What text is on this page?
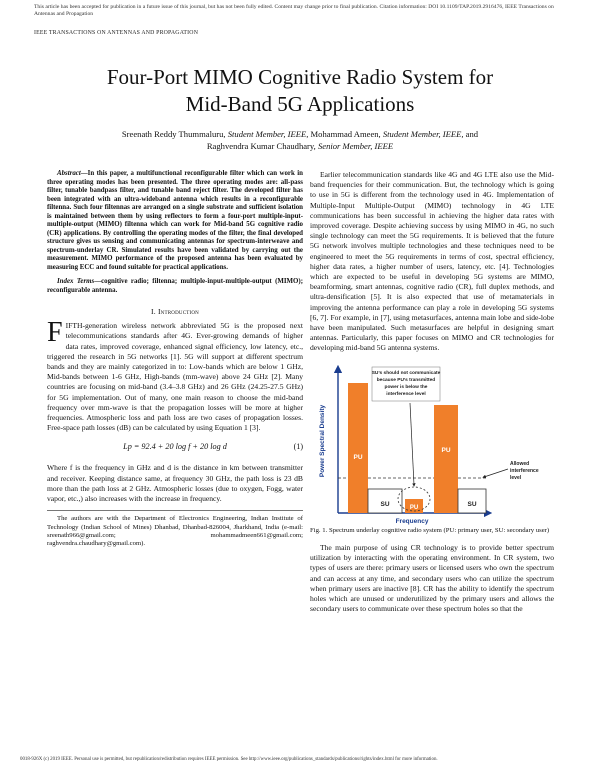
This article has been accepted for publication in a future issue of this journal, but has not been fully edited. Content may change prior to final publication. Citation information: DOI 10.1109/TAP.2019.2916476, IEEE Transactions on Antennas and Propagation
IEEE TRANSACTIONS ON ANTENNAS AND PROPAGATION
Four-Port MIMO Cognitive Radio System for
Mid-Band 5G Applications
Sreenath Reddy Thummaluru, Student Member, IEEE, Mohammad Ameen, Student Member, IEEE, and
Raghvendra Kumar Chaudhary, Senior Member, IEEE

Abstract—In this paper, a multifunctional reconfigurable filter which can work in three operating modes has been presented. The three operating modes are: all-pass filter, tunable bandpass filter, and tunable band reject filter. The developed filter has been integrated with an ultra-wideband antenna which results in a reconfigurable filtenna. Such four filtennas are arranged on a single substrate and sufficient isolation is maintained between them by using reflectors to form a four-port multiple-input-multiple-output (MIMO) filtenna which can work for Mid-band 5G cognitive radio (CR) applications. By controlling the operating modes of the filter, the final developed structure gives us sensing and communicating antennas for spectrum-interweave and spectrum-underlay CR. Simulated results have been validated by carrying out the measurement. MIMO performance of the proposed antenna has been evaluated by measuring ECC and found suitable for practical applications.

Index Terms—cognitive radio; filtenna; multiple-input-multiple-output (MIMO); reconfigurable antenna.

I. Introduction

FIFTH-generation wireless network abbreviated 5G is the proposed next telecommunications standards after 4G. Ever-growing demands of higher data rates, improved coverage, enhanced signal efficiency, low latency, etc., triggered the research in 5G networks [1]. 5G will support at different spectrum bands and they are mainly categorized in to: Low-bands which are below 1 GHz, Mid-bands between 1-6 GHz, High-bands (mm-wave) above 24 GHz [2]. Many countries are focusing on mid-band (3.4–3.8 GHz) and 26 GHz (24.25-27.5 GHz) for 5G implementation. Out of many, one main reason to choose the mid-band frequency over mm-wave is that the propagation losses will be more at higher frequencies. Atmospheric loss and path loss are two cases of propagation losses. Free-space path losses (dB) can be calculated by using Equation 1 [3].

Lp = 92.4 + 20 log f + 20 log d	(1)

Where f is the frequency in GHz and d is the distance in km between transmitter and receiver. Keeping distance same, at frequency 30 GHz, the path loss is 23 dB more than the path loss at 2 GHz. Atmospheric losses (due to oxygen, Fogg, water vapor, etc.,) also increases with the increase in frequency.

The authors are with the Department of Electronics Engineering, Indian Institute of Technology (Indian School of Mines) Dhanbad, Dhanbad-826004, Jharkhand, India (e-mail: sreenath966@gmail.com; mohammadmeen661@gmail.com; raghvendra.chaudhary@gmail.com).

Earlier telecommunication standards like 4G and 4G LTE also use the Mid-band frequencies for their communication. But, the technology which is going to use in 5G is different from the technology used in 4G. Implementation of Multiple-Input Multiple-Output (MIMO) technology in 4G LTE communications has been successful in achieving the higher data rates with improved coverage. Despite achieving success by using MIMO in 4G, no such single technology can meet the 5G requirements. It is believed that the future 5G network involves multiple technologies and these techniques need to be engineered to meet the 5G requirements in terms of cost, spectral efficiency, higher data rates, a higher number of users, latency, etc. [4]. Technologies which are expected to be useful in developing 5G systems are MIMO, beamforming, smart antennas, cognitive radio (CR), full duplex methods, and ultra-densification [5]. It is also expected that use of metamaterials in improving the antenna performance can play a role in developing 5G systems [6, 7]. For example, in [7], using metasurfaces, antenna main lobe and side-lobe have been manipulated. Such metasurfaces are helpful in designing smart antennas. Particularly, this paper focuses on MIMO and CR technologies for developing mid-band 5G antenna systems.

Power Spectral Density
Frequency
PU
PU
PU
SU	SU
SU’s should not communicate
because PU’s transmitted
power is below the
interference level
Allowed
interference
level
Fig. 1. Spectrum underlay cognitive radio system (PU: primary user, SU: secondary user)

The main purpose of using CR technology is to provide better spectrum utilization by interacting with the operating environment. In CR system, two types of users are there: primary users or licensed users who own the spectrum and can access at any time, and secondary users who can utilize the spectrum when primary users are inactive [8]. CR has the ability to identify the spectrum holes which are unused or underutilized by the primary users and allows the secondary users to communicate over these spectrum holes so that the

0018-926X (c) 2019 IEEE. Personal use is permitted, but republication/redistribution requires IEEE permission. See http://www.ieee.org/publications_standards/publications/rights/index.html for more information.
